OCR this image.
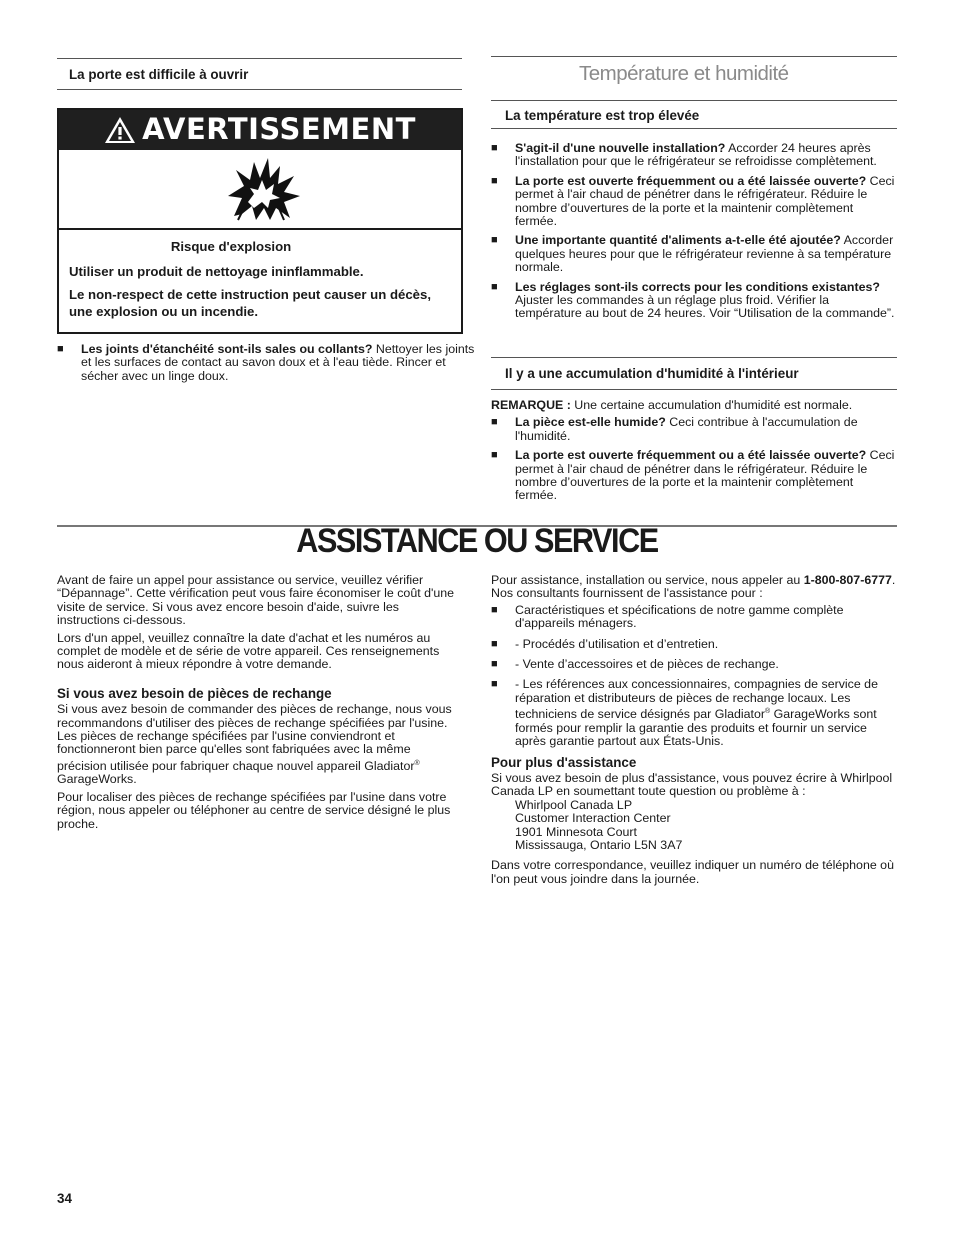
La porte est difficile à ouvrir
AVERTISSEMENT
Risque d'explosion
Utiliser un produit de nettoyage ininflammable.
Le non-respect de cette instruction peut causer un décès, une explosion ou un incendie.
■ Les joints d'étanchéité sont-ils sales ou collants? Nettoyer les joints et les surfaces de contact au savon doux et à l'eau tiède. Rincer et sécher avec un linge doux.
Température et humidité
La température est trop élevée
■ S'agit-il d'une nouvelle installation? Accorder 24 heures après l'installation pour que le réfrigérateur se refroidisse complètement.
■ La porte est ouverte fréquemment ou a été laissée ouverte? Ceci permet à l'air chaud de pénétrer dans le réfrigérateur. Réduire le nombre d’ouvertures de la porte et la maintenir complètement fermée.
■ Une importante quantité d'aliments a-t-elle été ajoutée? Accorder quelques heures pour que le réfrigérateur revienne à sa température normale.
■ Les réglages sont-ils corrects pour les conditions existantes? Ajuster les commandes à un réglage plus froid. Vérifier la température au bout de 24 heures. Voir “Utilisation de la commande”.
Il y a une accumulation d'humidité à l'intérieur

REMARQUE : Une certaine accumulation d'humidité est normale.

■ La pièce est-elle humide? Ceci contribue à l'accumulation de l'humidité.
■ La porte est ouverte fréquemment ou a été laissée ouverte? Ceci permet à l'air chaud de pénétrer dans le réfrigérateur. Réduire le nombre d’ouvertures de la porte et la maintenir complètement fermée.
ASSISTANCE OU SERVICE

Avant de faire un appel pour assistance ou service, veuillez vérifier “Dépannage”. Cette vérification peut vous faire économiser le coût d'une visite de service. Si vous avez encore besoin d'aide, suivre les instructions ci-dessous.

Lors d'un appel, veuillez connaître la date d'achat et les numéros au complet de modèle et de série de votre appareil. Ces renseignements nous aideront à mieux répondre à votre demande.

Si vous avez besoin de pièces de rechange

Si vous avez besoin de commander des pièces de rechange, nous vous recommandons d'utiliser des pièces de rechange spécifiées par l'usine. Les pièces de rechange spécifiées par l'usine conviendront et fonctionneront bien parce qu'elles sont fabriquées avec la même précision utilisée pour fabriquer chaque nouvel appareil Gladiator® GarageWorks.

Pour localiser des pièces de rechange spécifiées par l'usine dans votre région, nous appeler ou téléphoner au centre de service désigné le plus proche.

Pour assistance, installation ou service, nous appeler au 1-800-807-6777. Nos consultants fournissent de l'assistance pour :

■ Caractéristiques et spécifications de notre gamme complète d'appareils ménagers.
■ - Procédés d’utilisation et d’entretien.
■ - Vente d’accessoires et de pièces de rechange.
■ - Les références aux concessionnaires, compagnies de service de réparation et distributeurs de pièces de rechange locaux. Les techniciens de service désignés par Gladiator® GarageWorks sont formés pour remplir la garantie des produits et fournir un service après garantie partout aux États-Unis.
Pour plus d'assistance

Si vous avez besoin de plus d'assistance, vous pouvez écrire à Whirlpool Canada LP en soumettant toute question ou problème à :

Whirlpool Canada LP
Customer Interaction Center
1901 Minnesota Court
Mississauga, Ontario L5N 3A7

Dans votre correspondance, veuillez indiquer un numéro de téléphone où l'on peut vous joindre dans la journée.

34
